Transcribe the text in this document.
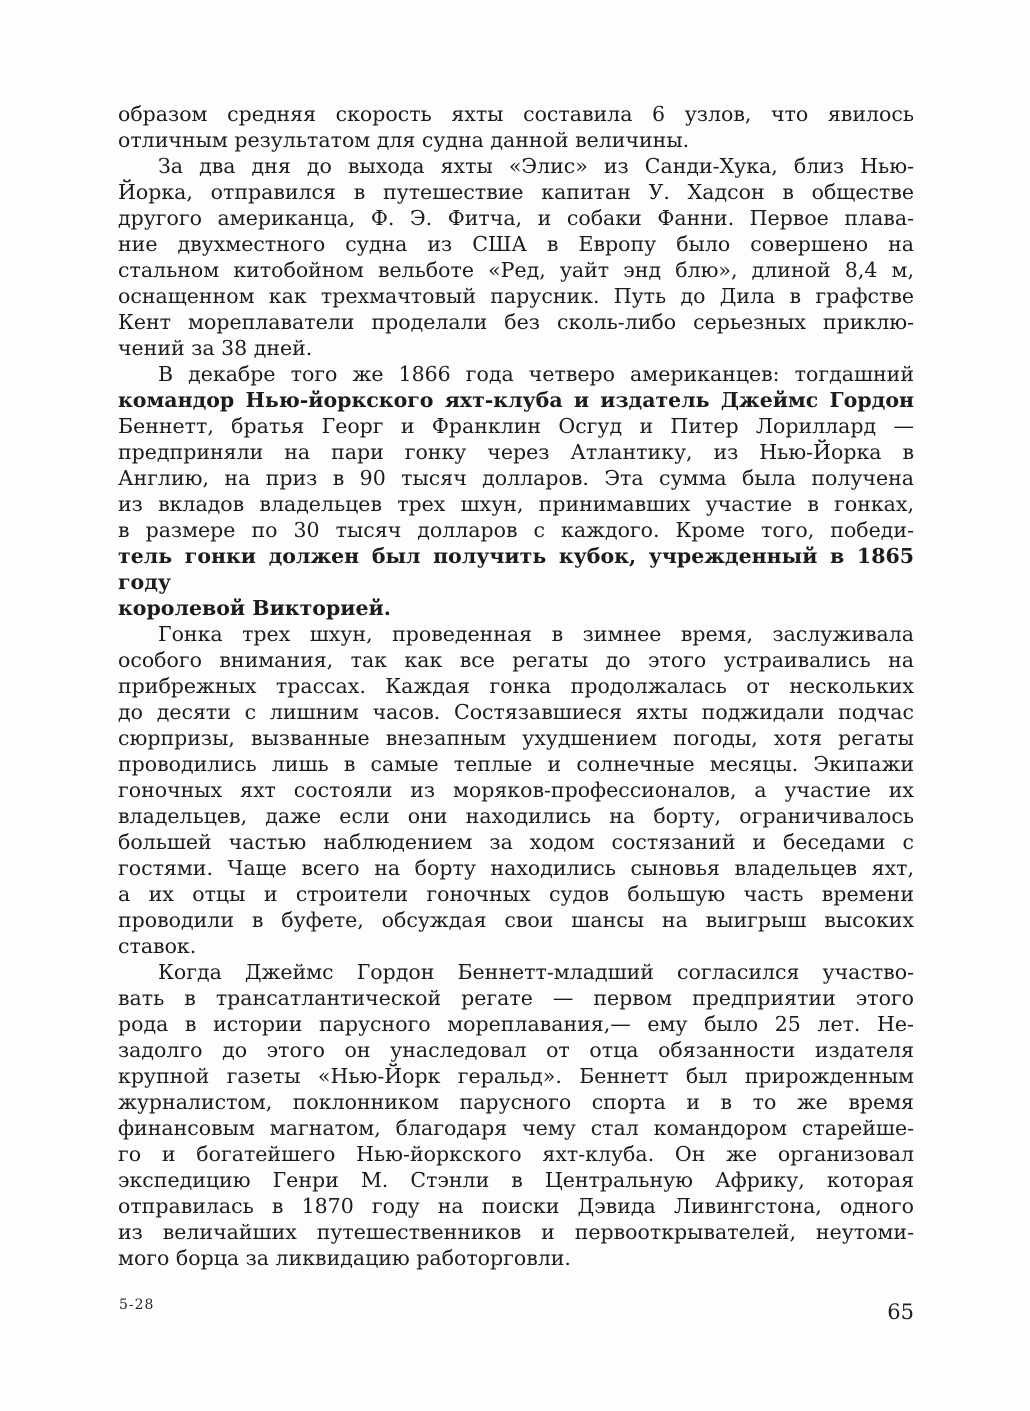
образом средняя скорость яхты составила 6 узлов, что явилось
отличным результатом для судна данной величины.

За два дня до выхода яхты «Элис» из Санди-Хука, близ Нью-
Йорка, отправился в путешествие капитан У. Хадсон в обществе
другого американца, Ф. Э. Фитча, и собаки Фанни. Первое плава-
ние двухместного судна из США в Европу было совершено на
стальном китобойном вельботе «Ред, уайт энд блю», длиной 8,4 м,
оснащенном как трехмачтовый парусник. Путь до Дила в графстве
Кент мореплаватели проделали без сколь-либо серьезных приклю-
чений за 38 дней.

В декабре того же 1866 года четверо американцев: тогдашний
командор Нью-йоркского яхт-клуба и издатель Джеймс Гордон
Беннетт, братья Георг и Франклин Осгуд и Питер Лориллард —
предприняли на пари гонку через Атлантику, из Нью-Йорка в
Англию, на приз в 90 тысяч долларов. Эта сумма была получена
из вкладов владельцев трех шхун, принимавших участие в гонках,
в размере по 30 тысяч долларов с каждого. Кроме того, победи-
тель гонки должен был получить кубок, учрежденный в 1865 году
королевой Викторией.

Гонка трех шхун, проведенная в зимнее время, заслуживала
особого внимания, так как все регаты до этого устраивались на
прибрежных трассах. Каждая гонка продолжалась от нескольких
до десяти с лишним часов. Состязавшиеся яхты поджидали подчас
сюрпризы, вызванные внезапным ухудшением погоды, хотя регаты
проводились лишь в самые теплые и солнечные месяцы. Экипажи
гоночных яхт состояли из моряков-профессионалов, а участие их
владельцев, даже если они находились на борту, ограничивалось
большей частью наблюдением за ходом состязаний и беседами с
гостями. Чаще всего на борту находились сыновья владельцев яхт,
а их отцы и строители гоночных судов большую часть времени
проводили в буфете, обсуждая свои шансы на выигрыш высоких
ставок.

Когда Джеймс Гордон Беннетт-младший согласился участво-
вать в трансатлантической регате — первом предприятии этого
рода в истории парусного мореплавания,— ему было 25 лет. Не-
задолго до этого он унаследовал от отца обязанности издателя
крупной газеты «Нью-Йорк геральд». Беннетт был прирожденным
журналистом, поклонником парусного спорта и в то же время
финансовым магнатом, благодаря чему стал командором старейше-
го и богатейшего Нью-йоркского яхт-клуба. Он же организовал
экспедицию Генри М. Стэнли в Центральную Африку, которая
отправилась в 1870 году на поиски Дэвида Ливингстона, одного
из величайших путешественников и первооткрывателей, неутоми-
мого борца за ликвидацию работорговли.

5-28	65
